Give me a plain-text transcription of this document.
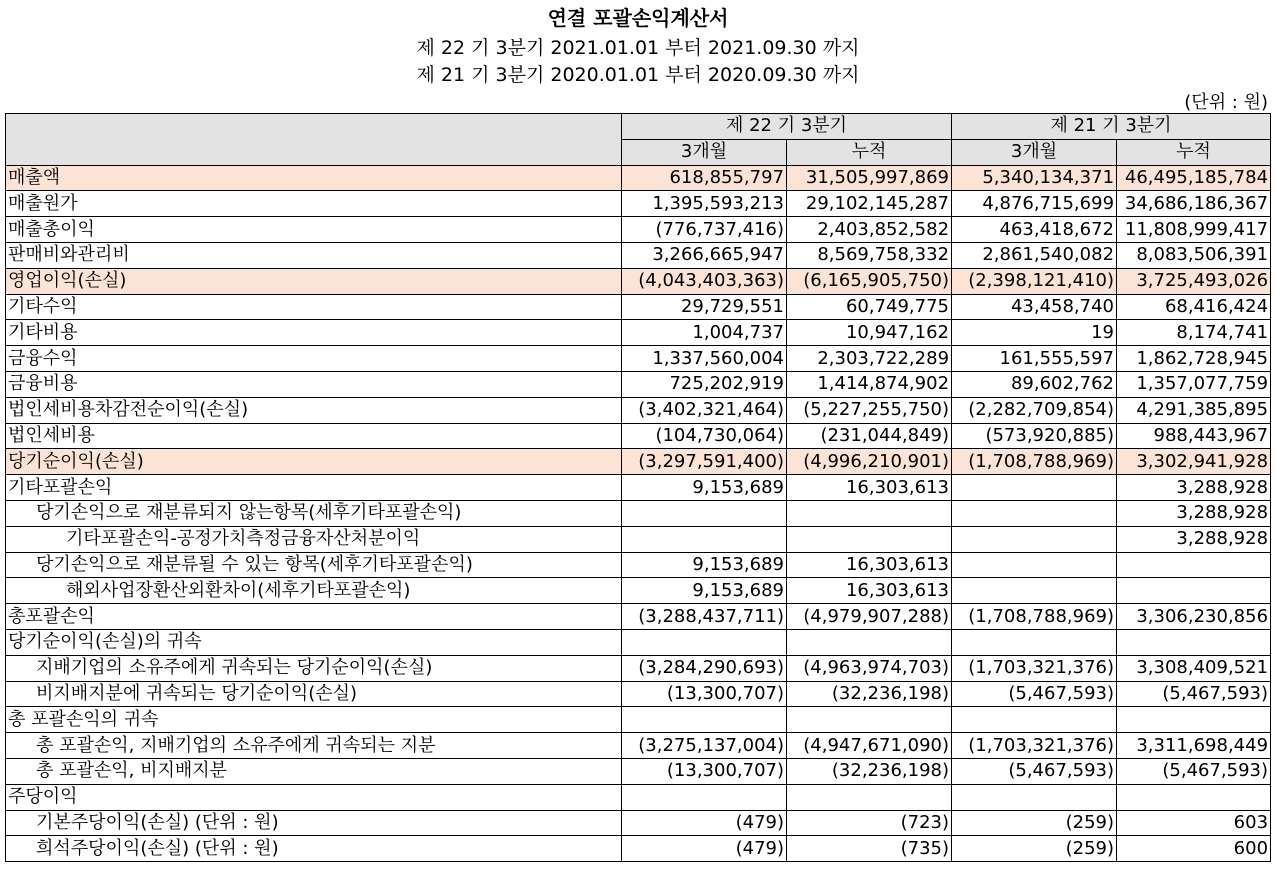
연결 포괄손익계산서
제 22 기 3분기 2021.01.01 부터 2021.09.30 까지
제 21 기 3분기 2020.01.01 부터 2020.09.30 까지
(단위 : 원)
	제 22 기 3분기		제 21 기 3분기	
	3개월	누적	3개월	누적
매출액	618,855,797	31,505,997,869	5,340,134,371	46,495,185,784
매출원가	1,395,593,213	29,102,145,287	4,876,715,699	34,686,186,367
매출총이익	(776,737,416)	2,403,852,582	463,418,672	11,808,999,417
판매비와관리비	3,266,665,947	8,569,758,332	2,861,540,082	8,083,506,391
영업이익(손실)	(4,043,403,363)	(6,165,905,750)	(2,398,121,410)	3,725,493,026
기타수익	29,729,551	60,749,775	43,458,740	68,416,424
기타비용	1,004,737	10,947,162	19	8,174,741
금융수익	1,337,560,004	2,303,722,289	161,555,597	1,862,728,945
금융비용	725,202,919	1,414,874,902	89,602,762	1,357,077,759
법인세비용차감전순이익(손실)	(3,402,321,464)	(5,227,255,750)	(2,282,709,854)	4,291,385,895
법인세비용	(104,730,064)	(231,044,849)	(573,920,885)	988,443,967
당기순이익(손실)	(3,297,591,400)	(4,996,210,901)	(1,708,788,969)	3,302,941,928
기타포괄손익	9,153,689	16,303,613		3,288,928
당기손익으로 재분류되지 않는항목(세후기타포괄손익)				3,288,928
기타포괄손익-공정가치측정금융자산처분이익				3,288,928
당기손익으로 재분류될 수 있는 항목(세후기타포괄손익)	9,153,689	16,303,613		
해외사업장환산외환차이(세후기타포괄손익)	9,153,689	16,303,613		
총포괄손익	(3,288,437,711)	(4,979,907,288)	(1,708,788,969)	3,306,230,856
당기순이익(손실)의 귀속				
지배기업의 소유주에게 귀속되는 당기순이익(손실)	(3,284,290,693)	(4,963,974,703)	(1,703,321,376)	3,308,409,521
비지배지분에 귀속되는 당기순이익(손실)	(13,300,707)	(32,236,198)	(5,467,593)	(5,467,593)
총 포괄손익의 귀속				
총 포괄손익, 지배기업의 소유주에게 귀속되는 지분	(3,275,137,004)	(4,947,671,090)	(1,703,321,376)	3,311,698,449
총 포괄손익, 비지배지분	(13,300,707)	(32,236,198)	(5,467,593)	(5,467,593)
주당이익				
기본주당이익(손실) (단위 : 원)	(479)	(723)	(259)	603
희석주당이익(손실) (단위 : 원)	(479)	(735)	(259)	600
